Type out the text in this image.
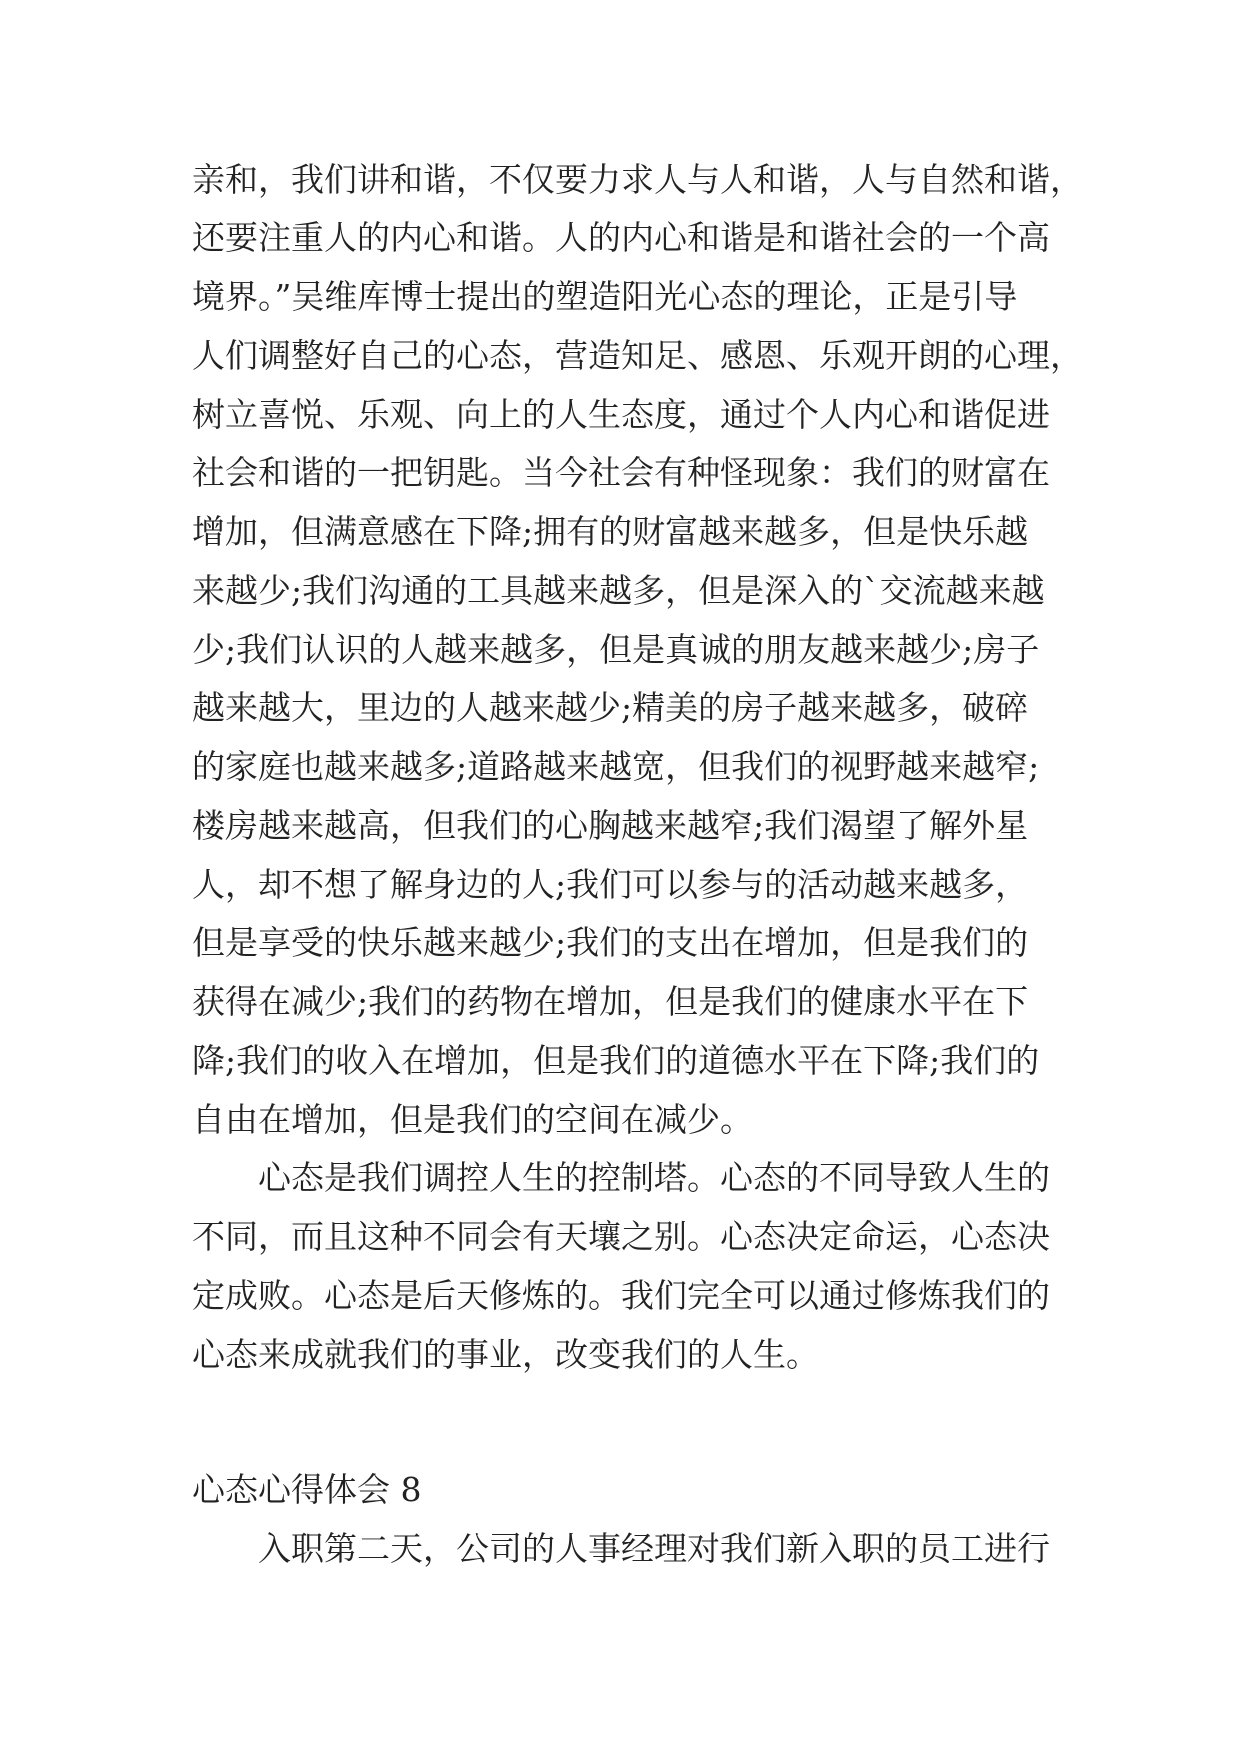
亲和，我们讲和谐，不仅要力求人与人和谐，人与自然和谐，
还要注重人的内心和谐。人的内心和谐是和谐社会的一个高
境界。”吴维库博士提出的塑造阳光心态的理论，正是引导
人们调整好自己的心态，营造知足、感恩、乐观开朗的心理，
树立喜悦、乐观、向上的人生态度，通过个人内心和谐促进
社会和谐的一把钥匙。当今社会有种怪现象：我们的财富在
增加，但满意感在下降;拥有的财富越来越多，但是快乐越
来越少;我们沟通的工具越来越多，但是深入的`交流越来越
少;我们认识的人越来越多，但是真诚的朋友越来越少;房子
越来越大，里边的人越来越少;精美的房子越来越多，破碎
的家庭也越来越多;道路越来越宽，但我们的视野越来越窄;
楼房越来越高，但我们的心胸越来越窄;我们渴望了解外星
人，却不想了解身边的人;我们可以参与的活动越来越多，
但是享受的快乐越来越少;我们的支出在增加，但是我们的
获得在减少;我们的药物在增加，但是我们的健康水平在下
降;我们的收入在增加，但是我们的道德水平在下降;我们的
自由在增加，但是我们的空间在减少。
心态是我们调控人生的控制塔。心态的不同导致人生的
不同，而且这种不同会有天壤之别。心态决定命运，心态决
定成败。心态是后天修炼的。我们完全可以通过修炼我们的
心态来成就我们的事业，改变我们的人生。
心态心得体会 8
入职第二天，公司的人事经理对我们新入职的员工进行
